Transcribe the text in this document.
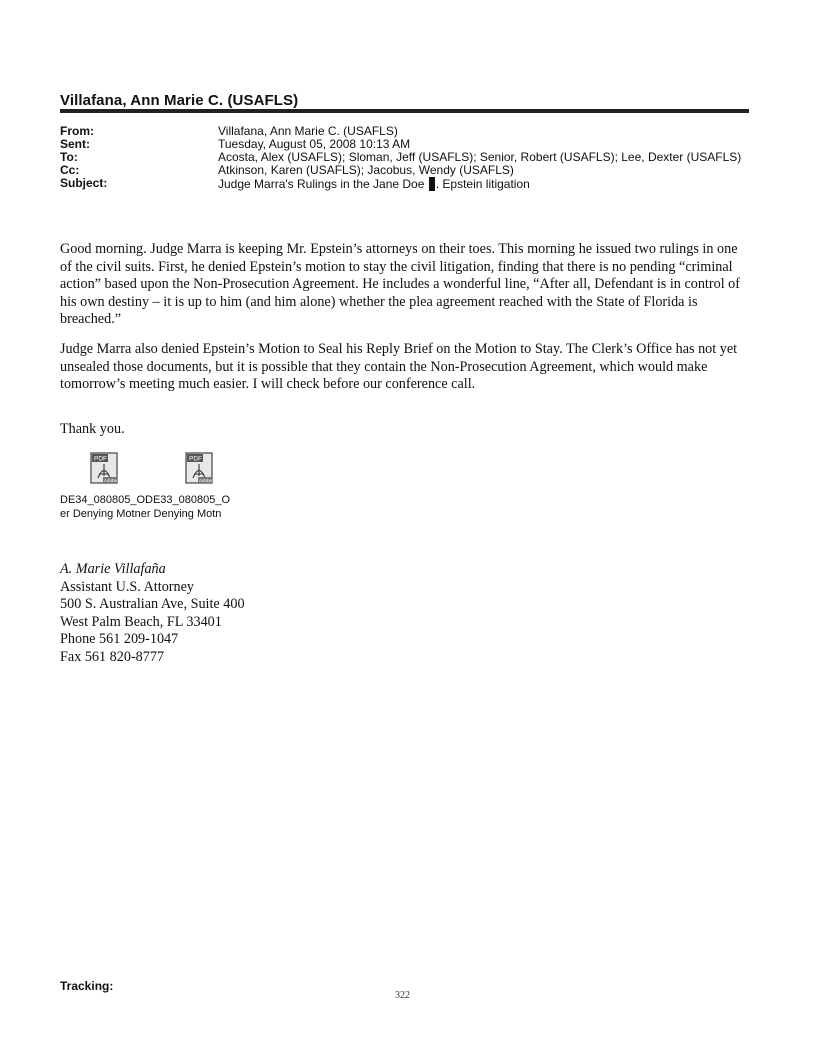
Villafana, Ann Marie C. (USAFLS)
From:	Villafana, Ann Marie C. (USAFLS)
Sent:	Tuesday, August 05, 2008 10:13 AM
To:	Acosta, Alex (USAFLS); Sloman, Jeff (USAFLS); Senior, Robert (USAFLS); Lee, Dexter (USAFLS)
Cc:	Atkinson, Karen (USAFLS); Jacobus, Wendy (USAFLS)
Subject:	Judge Marra's Rulings in the Jane Doe . Epstein litigation
Good morning. Judge Marra is keeping Mr. Epstein’s attorneys on their toes. This morning he issued two rulings in one of the civil suits. First, he denied Epstein’s motion to stay the civil litigation, finding that there is no pending “criminal action” based upon the Non-Prosecution Agreement. He includes a wonderful line, “After all, Defendant is in control of his own destiny – it is up to him (and him alone) whether the plea agreement reached with the State of Florida is breached.”
Judge Marra also denied Epstein’s Motion to Seal his Reply Brief on the Motion to Stay. The Clerk’s Office has not yet unsealed those documents, but it is possible that they contain the Non-Prosecution Agreement, which would make tomorrow’s meeting much easier. I will check before our conference call.
Thank you.
PDF
Adobe
PDF
Adobe
DE34_080805_ODE33_080805_O
er Denying Motner Denying Motn
A. Marie Villafaña
Assistant U.S. Attorney
500 S. Australian Ave, Suite 400
West Palm Beach, FL 33401
Phone 561 209-1047
Fax 561 820-8777
Tracking:
322
